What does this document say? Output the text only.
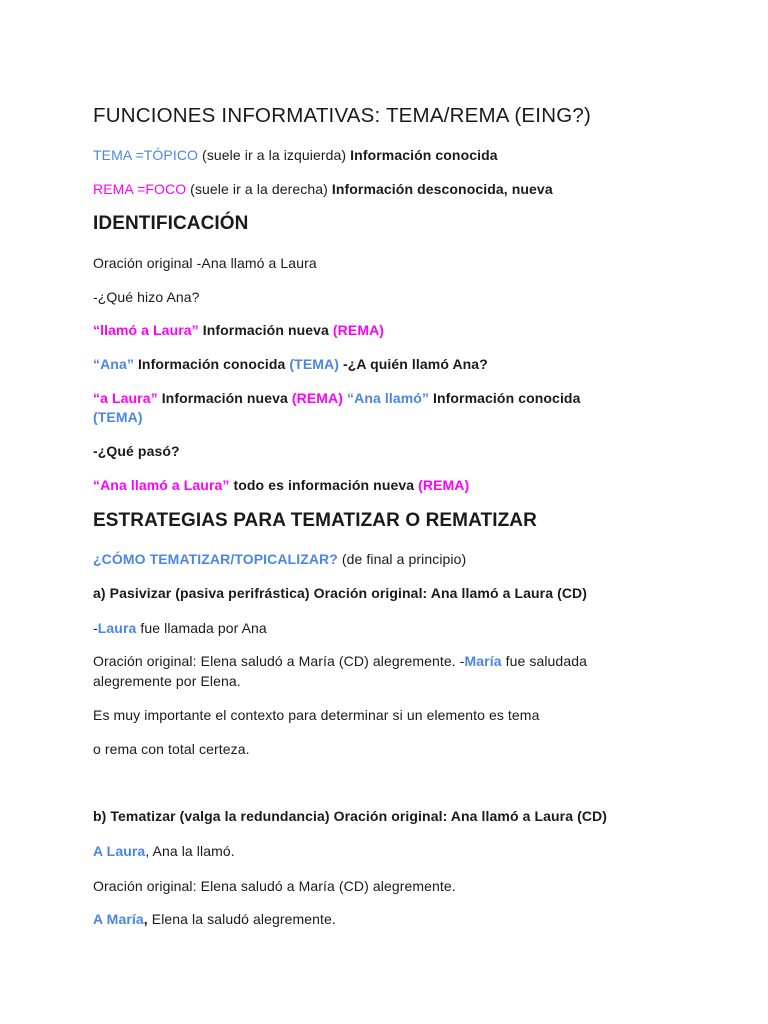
FUNCIONES INFORMATIVAS: TEMA/REMA (EING?)
TEMA =TÓPICO (suele ir a la izquierda) Información conocida
REMA =FOCO (suele ir a la derecha) Información desconocida, nueva
IDENTIFICACIÓN
Oración original -Ana llamó a Laura
-¿Qué hizo Ana?
“llamó a Laura” Información nueva (REMA)
“Ana” Información conocida (TEMA) -¿A quién llamó Ana?
“a Laura” Información nueva (REMA) “Ana llamó” Información conocida
(TEMA)
-¿Qué pasó?
“Ana llamó a Laura” todo es información nueva (REMA)
ESTRATEGIAS PARA TEMATIZAR O REMATIZAR
¿CÓMO TEMATIZAR/TOPICALIZAR? (de final a principio)
a) Pasivizar (pasiva perifrástica) Oración original: Ana llamó a Laura (CD)
-Laura fue llamada por Ana
Oración original: Elena saludó a María (CD) alegremente. -María fue saludada
alegremente por Elena.
Es muy importante el contexto para determinar si un elemento es tema
o rema con total certeza.
b) Tematizar (valga la redundancia) Oración original: Ana llamó a Laura (CD)
A Laura, Ana la llamó.
Oración original: Elena saludó a María (CD) alegremente.
A María, Elena la saludó alegremente.
